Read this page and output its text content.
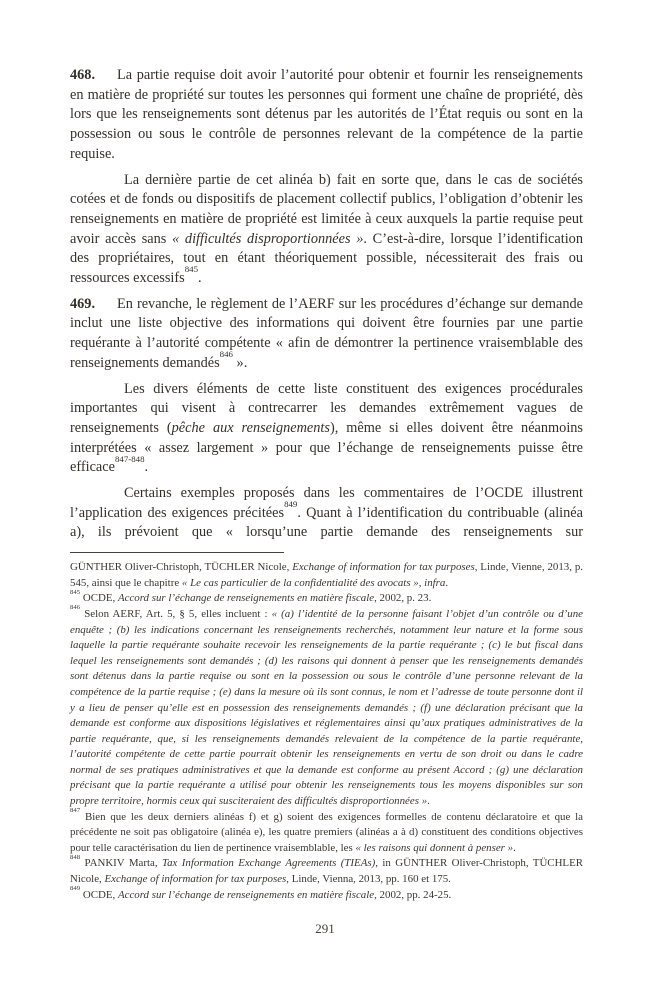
468. La partie requise doit avoir l’autorité pour obtenir et fournir les renseignements en matière de propriété sur toutes les personnes qui forment une chaîne de propriété, dès lors que les renseignements sont détenus par les autorités de l’État requis ou sont en la possession ou sous le contrôle de personnes relevant de la compétence de la partie requise.

La dernière partie de cet alinéa b) fait en sorte que, dans le cas de sociétés cotées et de fonds ou dispositifs de placement collectif publics, l’obligation d’obtenir les renseignements en matière de propriété est limitée à ceux auxquels la partie requise peut avoir accès sans « difficultés disproportionnées ». C’est-à-dire, lorsque l’identification des propriétaires, tout en étant théoriquement possible, nécessiterait des frais ou ressources excessifs$^{845}$.

469. En revanche, le règlement de l’AERF sur les procédures d’échange sur demande inclut une liste objective des informations qui doivent être fournies par une partie requérante à l’autorité compétente « afin de démontrer la pertinence vraisemblable des renseignements demandés$^{846}$ ».

Les divers éléments de cette liste constituent des exigences procédurales importantes qui visent à contrecarrer les demandes extrêmement vagues de renseignements (pêche aux renseignements), même si elles doivent être néanmoins interprétées « assez largement » pour que l’échange de renseignements puisse être efficace$^{847-848}$.

Certains exemples proposés dans les commentaires de l’OCDE illustrent l’application des exigences précitées$^{849}$. Quant à l’identification du contribuable (alinéa a), ils prévoient que « lorsqu’une partie demande des renseignements sur

GÜNTHER Oliver-Christoph, TÜCHLER Nicole, Exchange of information for tax purposes, Linde, Vienne, 2013, p. 545, ainsi que le chapitre « Le cas particulier de la confidentialité des avocats », infra.

$^{845}$ OCDE, Accord sur l’échange de renseignements en matière fiscale, 2002, p. 23.

$^{846}$ Selon AERF, Art. 5, § 5, elles incluent : « (a) l’identité de la personne faisant l’objet d’un contrôle ou d’une enquête ; (b) les indications concernant les renseignements recherchés, notamment leur nature et la forme sous laquelle la partie requérante souhaite recevoir les renseignements de la partie requérante ; (c) le but fiscal dans lequel les renseignements sont demandés ; (d) les raisons qui donnent à penser que les renseignements demandés sont détenus dans la partie requise ou sont en la possession ou sous le contrôle d’une personne relevant de la compétence de la partie requise ; (e) dans la mesure où ils sont connus, le nom et l’adresse de toute personne dont il y a lieu de penser qu’elle est en possession des renseignements demandés ; (f) une déclaration précisant que la demande est conforme aux dispositions législatives et réglementaires ainsi qu’aux pratiques administratives de la partie requérante, que, si les renseignements demandés relevaient de la compétence de la partie requérante, l’autorité compétente de cette partie pourrait obtenir les renseignements en vertu de son droit ou dans le cadre normal de ses pratiques administratives et que la demande est conforme au présent Accord ; (g) une déclaration précisant que la partie requérante a utilisé pour obtenir les renseignements tous les moyens disponibles sur son propre territoire, hormis ceux qui susciteraient des difficultés disproportionnées ».

$^{847}$ Bien que les deux derniers alinéas f) et g) soient des exigences formelles de contenu déclaratoire et que la précédente ne soit pas obligatoire (alinéa e), les quatre premiers (alinéas a à d) constituent des conditions objectives pour telle caractérisation du lien de pertinence vraisemblable, les « les raisons qui donnent à penser ».

$^{848}$ PANKIV Marta, Tax Information Exchange Agreements (TIEAs), in GÜNTHER Oliver-Christoph, TÜCHLER Nicole, Exchange of information for tax purposes, Linde, Vienna, 2013, pp. 160 et 175.

$^{849}$ OCDE, Accord sur l’échange de renseignements en matière fiscale, 2002, pp. 24-25.

291
